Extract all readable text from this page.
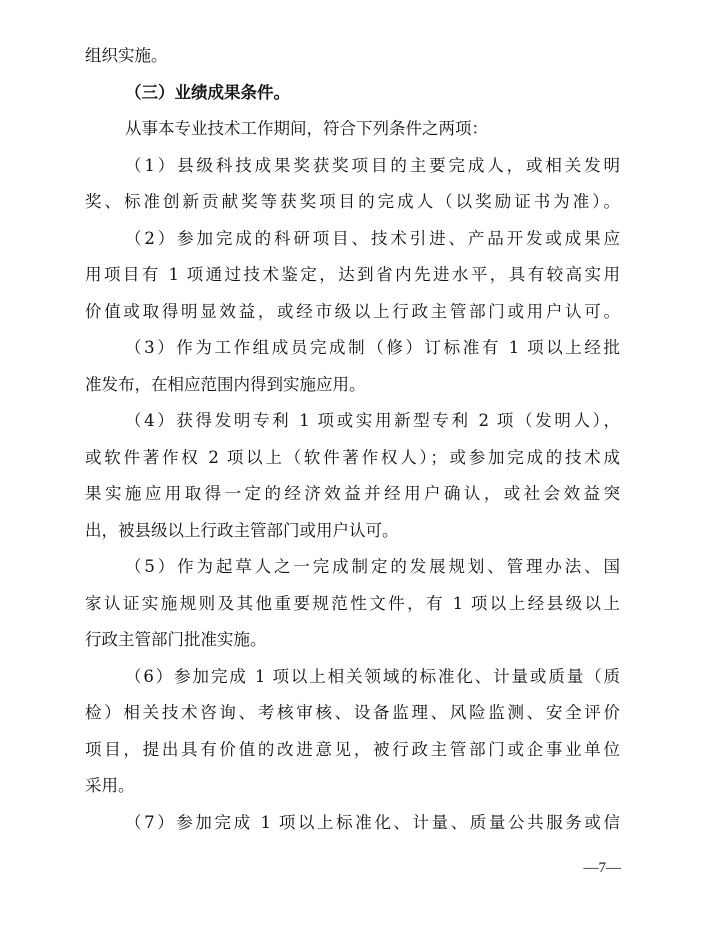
组织实施。
（三）业绩成果条件。
从事本专业技术工作期间，符合下列条件之两项：
（1）县级科技成果奖获奖项目的主要完成人，或相关发明
奖、标准创新贡献奖等获奖项目的完成人（以奖励证书为准）。
（2）参加完成的科研项目、技术引进、产品开发或成果应
用项目有 1 项通过技术鉴定，达到省内先进水平，具有较高实用
价值或取得明显效益，或经市级以上行政主管部门或用户认可。
（3）作为工作组成员完成制（修）订标准有 1 项以上经批
准发布，在相应范围内得到实施应用。
（4）获得发明专利 1 项或实用新型专利 2 项（发明人），
或软件著作权 2 项以上（软件著作权人）；或参加完成的技术成
果实施应用取得一定的经济效益并经用户确认，或社会效益突
出，被县级以上行政主管部门或用户认可。
（5）作为起草人之一完成制定的发展规划、管理办法、国
家认证实施规则及其他重要规范性文件，有 1 项以上经县级以上
行政主管部门批准实施。
（6）参加完成 1 项以上相关领域的标准化、计量或质量（质
检）相关技术咨询、考核审核、设备监理、风险监测、安全评价
项目，提出具有价值的改进意见，被行政主管部门或企事业单位
采用。
（7）参加完成 1 项以上标准化、计量、质量公共服务或信
—7—
